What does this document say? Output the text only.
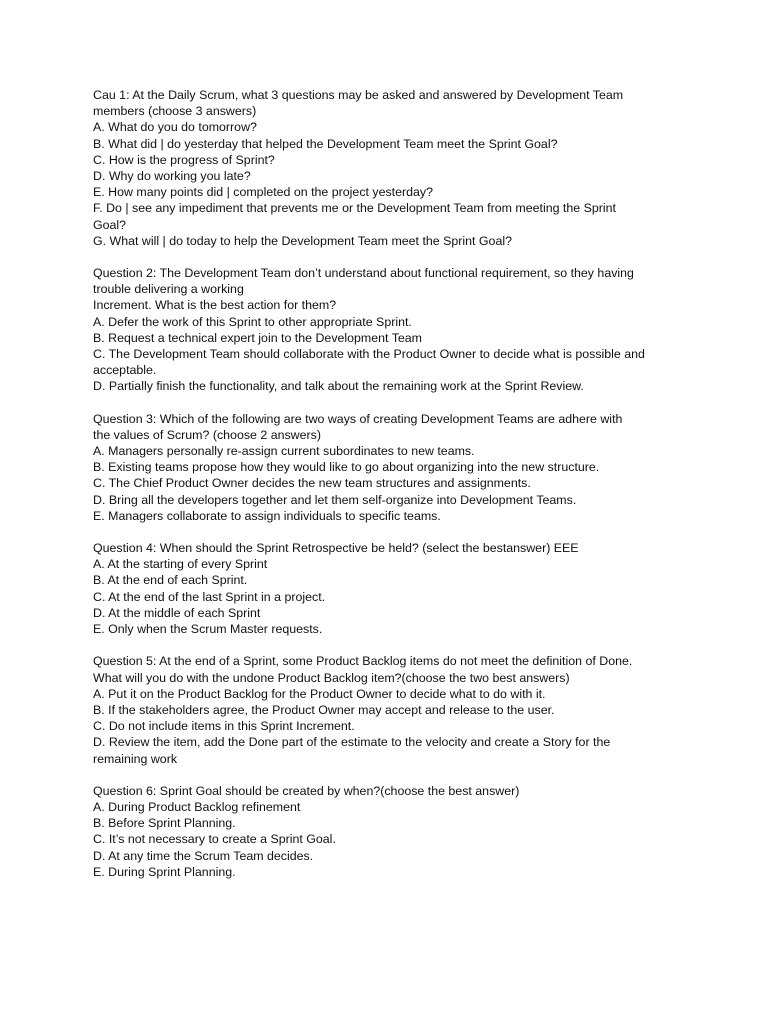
Cau 1: At the Daily Scrum, what 3 questions may be asked and answered by Development Team
members (choose 3 answers)
A. What do you do tomorrow?
B. What did | do yesterday that helped the Development Team meet the Sprint Goal?
C. How is the progress of Sprint?
D. Why do working you late?
E. How many points did | completed on the project yesterday?
F. Do | see any impediment that prevents me or the Development Team from meeting the Sprint
Goal?
G. What will | do today to help the Development Team meet the Sprint Goal?
Question 2: The Development Team don’t understand about functional requirement, so they having
trouble delivering a working
Increment. What is the best action for them?
A. Defer the work of this Sprint to other appropriate Sprint.
B. Request a technical expert join to the Development Team
C. The Development Team should collaborate with the Product Owner to decide what is possible and
acceptable.
D. Partially finish the functionality, and talk about the remaining work at the Sprint Review.
Question 3: Which of the following are two ways of creating Development Teams are adhere with
the values of Scrum? (choose 2 answers)
A. Managers personally re-assign current subordinates to new teams.
B. Existing teams propose how they would like to go about organizing into the new structure.
C. The Chief Product Owner decides the new team structures and assignments.
D. Bring all the developers together and let them self-organize into Development Teams.
E. Managers collaborate to assign individuals to specific teams.
Question 4: When should the Sprint Retrospective be held? (select the bestanswer) EEE
A. At the starting of every Sprint
B. At the end of each Sprint.
C. At the end of the last Sprint in a project.
D. At the middle of each Sprint
E. Only when the Scrum Master requests.
Question 5: At the end of a Sprint, some Product Backlog items do not meet the definition of Done.
What will you do with the undone Product Backlog item?(choose the two best answers)
A. Put it on the Product Backlog for the Product Owner to decide what to do with it.
B. If the stakeholders agree, the Product Owner may accept and release to the user.
C. Do not include items in this Sprint Increment.
D. Review the item, add the Done part of the estimate to the velocity and create a Story for the
remaining work
Question 6: Sprint Goal should be created by when?(choose the best answer)
A. During Product Backlog refinement
B. Before Sprint Planning.
C. It’s not necessary to create a Sprint Goal.
D. At any time the Scrum Team decides.
E. During Sprint Planning.
